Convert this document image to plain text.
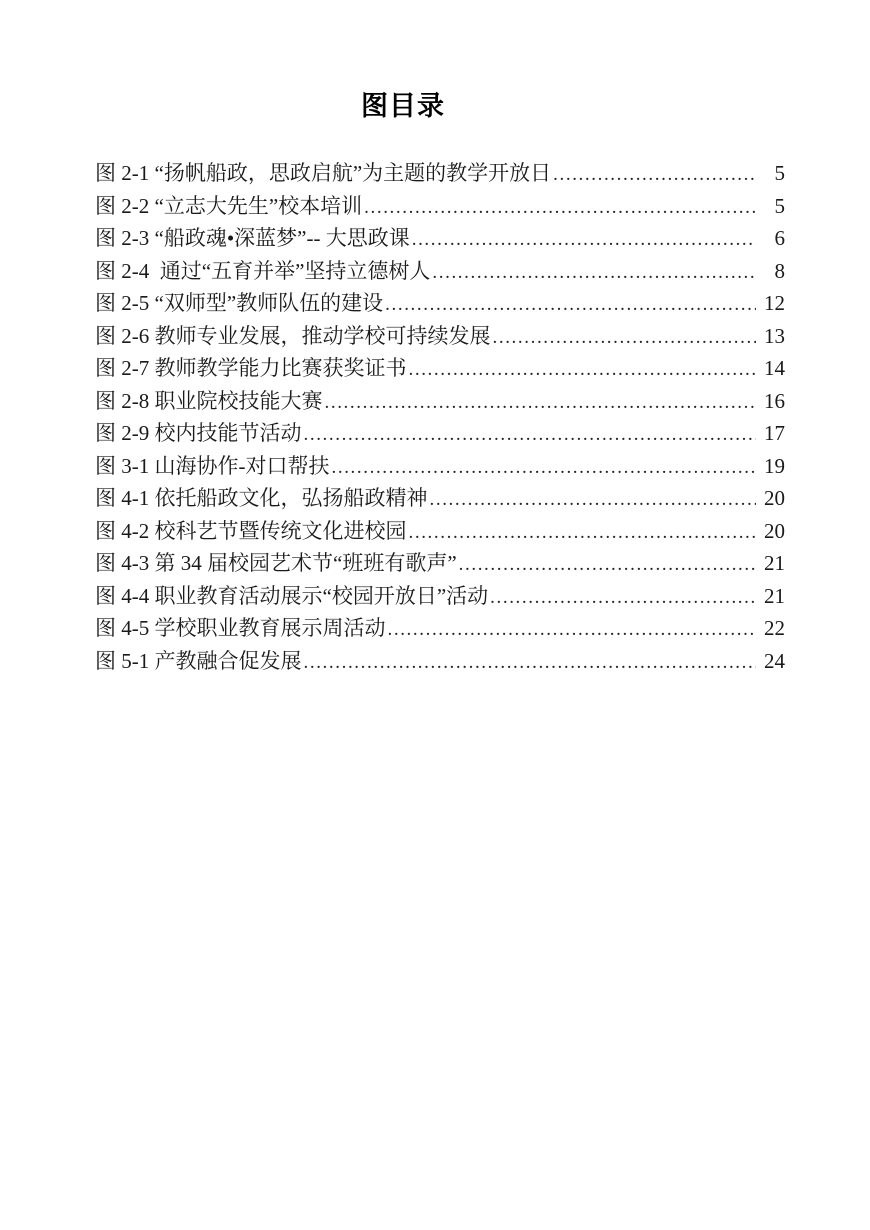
图目录
图 2-1 “扬帆船政，思政启航”为主题的教学开放日 .....	5
图 2-2 “立志大先生”校本培训 .....	5
图 2-3 “船政魂•深蓝梦”-- 大思政课 .....	6
图 2-4  通过“五育并举”坚持立德树人 .....	8
图 2-5 “双师型”教师队伍的建设 .....	12
图 2-6 教师专业发展，推动学校可持续发展 .....	13
图 2-7 教师教学能力比赛获奖证书 .....	14
图 2-8 职业院校技能大赛 .....	16
图 2-9 校内技能节活动 .....	17
图 3-1 山海协作-对口帮扶 .....	19
图 4-1 依托船政文化，弘扬船政精神 .....	20
图 4-2 校科艺节暨传统文化进校园 .....	20
图 4-3 第 34 届校园艺术节“班班有歌声” .....	21
图 4-4 职业教育活动展示“校园开放日”活动 .....	21
图 4-5 学校职业教育展示周活动 .....	22
图 5-1 产教融合促发展 .....	24
